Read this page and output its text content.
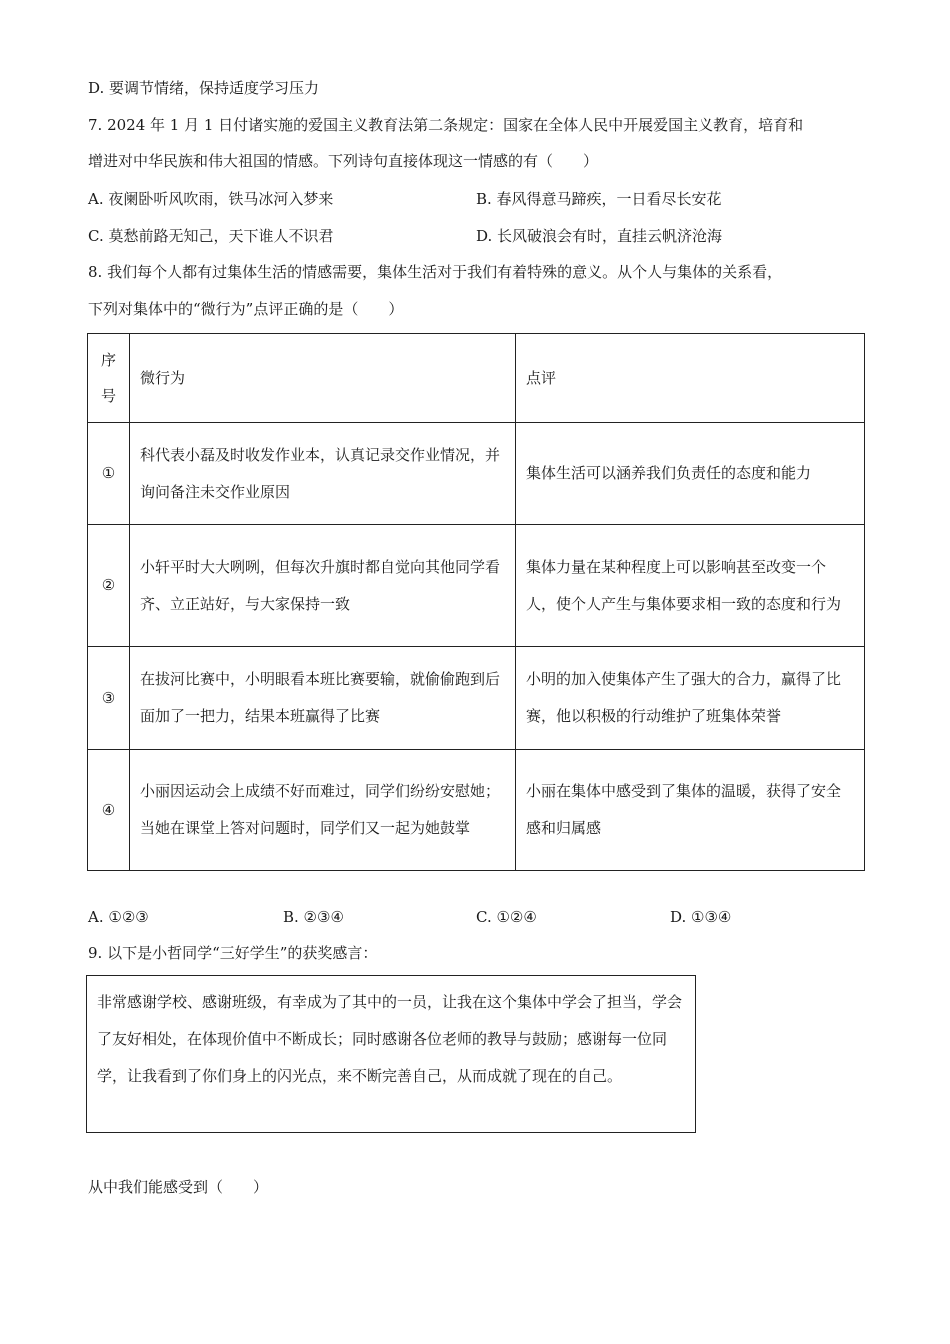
D. 要调节情绪，保持适度学习压力
7. 2024 年 1 月 1 日付诸实施的爱国主义教育法第二条规定：国家在全体人民中开展爱国主义教育，培育和
增进对中华民族和伟大祖国的情感。下列诗句直接体现这一情感的有（　　）
A. 夜阑卧听风吹雨，铁马冰河入梦来	B. 春风得意马蹄疾，一日看尽长安花
C. 莫愁前路无知己，天下谁人不识君	D. 长风破浪会有时，直挂云帆济沧海
8. 我们每个人都有过集体生活的情感需要，集体生活对于我们有着特殊的意义。从个人与集体的关系看，
下列对集体中的“微行为”点评正确的是（　　）
序号	微行为	点评
①	科代表小磊及时收发作业本，认真记录交作业情况，并询问备注未交作业原因	集体生活可以涵养我们负责任的态度和能力
②	小轩平时大大咧咧，但每次升旗时都自觉向其他同学看齐、立正站好，与大家保持一致	集体力量在某种程度上可以影响甚至改变一个人，使个人产生与集体要求相一致的态度和行为
③	在拔河比赛中，小明眼看本班比赛要输，就偷偷跑到后面加了一把力，结果本班赢得了比赛	小明的加入使集体产生了强大的合力，赢得了比赛，他以积极的行动维护了班集体荣誉
④	小丽因运动会上成绩不好而难过，同学们纷纷安慰她；当她在课堂上答对问题时，同学们又一起为她鼓掌	小丽在集体中感受到了集体的温暖，获得了安全感和归属感
A. ①②③	B. ②③④	C. ①②④	D. ①③④
9. 以下是小哲同学“三好学生”的获奖感言：
非常感谢学校、感谢班级，有幸成为了其中的一员，让我在这个集体中学会了担当，学会了友好相处，在体现价值中不断成长；同时感谢各位老师的教导与鼓励；感谢每一位同学，让我看到了你们身上的闪光点，来不断完善自己，从而成就了现在的自己。
从中我们能感受到（　　）
